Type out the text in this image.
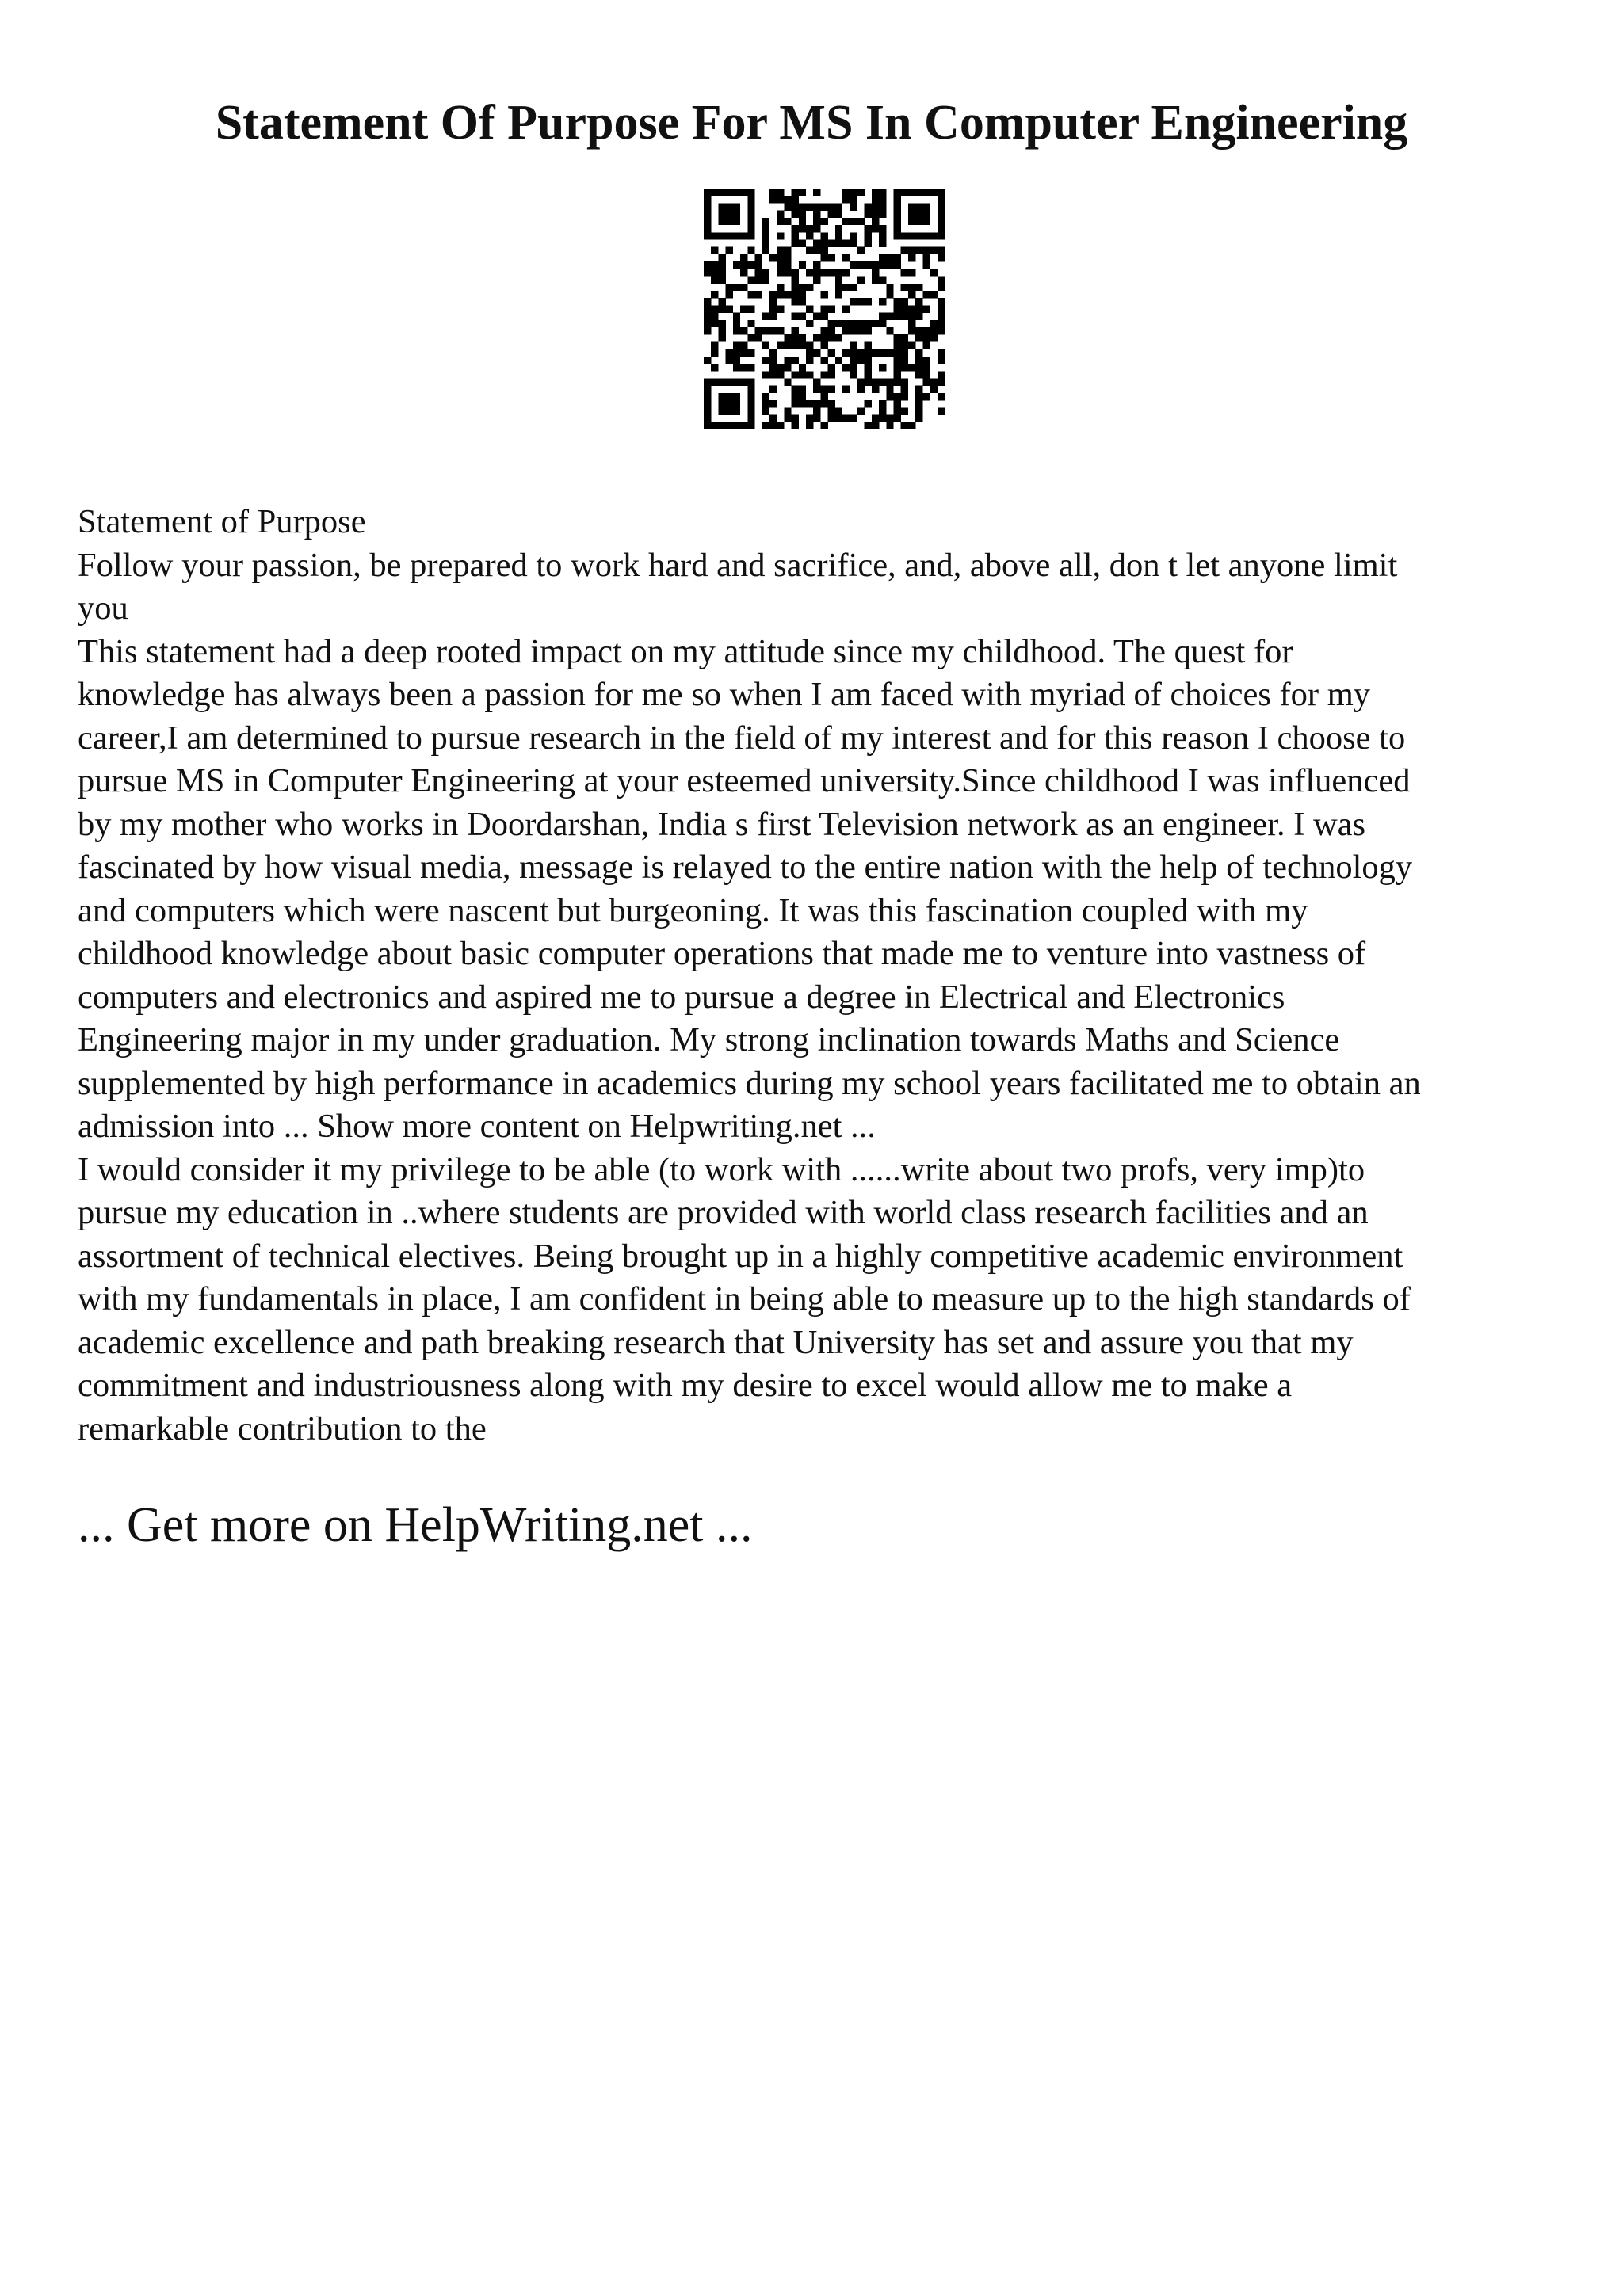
Statement Of Purpose For MS In Computer Engineering

Statement of Purpose

Follow your passion, be prepared to work hard and sacrifice, and, above all, don t let anyone limit
you

This statement had a deep rooted impact on my attitude since my childhood. The quest for
knowledge has always been a passion for me so when I am faced with myriad of choices for my
career,I am determined to pursue research in the field of my interest and for this reason I choose to
pursue MS in Computer Engineering at your esteemed university.Since childhood I was influenced
by my mother who works in Doordarshan, India s first Television network as an engineer. I was
fascinated by how visual media, message is relayed to the entire nation with the help of technology
and computers which were nascent but burgeoning. It was this fascination coupled with my
childhood knowledge about basic computer operations that made me to venture into vastness of
computers and electronics and aspired me to pursue a degree in Electrical and Electronics
Engineering major in my under graduation. My strong inclination towards Maths and Science
supplemented by high performance in academics during my school years facilitated me to obtain an
admission into ... Show more content on Helpwriting.net ...

I would consider it my privilege to be able (to work with ......write about two profs, very imp)to
pursue my education in ..where students are provided with world class research facilities and an
assortment of technical electives. Being brought up in a highly competitive academic environment
with my fundamentals in place, I am confident in being able to measure up to the high standards of
academic excellence and path breaking research that University has set and assure you that my
commitment and industriousness along with my desire to excel would allow me to make a
remarkable contribution to the

... Get more on HelpWriting.net ...
